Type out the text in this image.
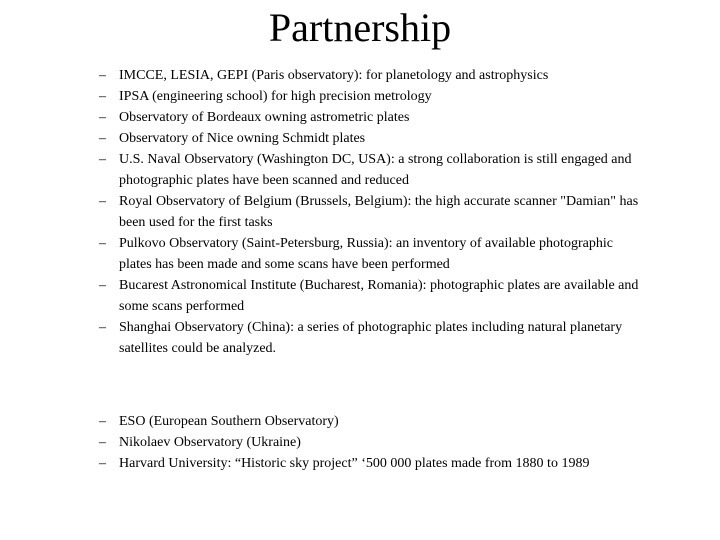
Partnership
– IMCCE, LESIA, GEPI (Paris observatory): for planetology and astrophysics
– IPSA (engineering school) for high precision metrology
– Observatory of Bordeaux owning astrometric plates
– Observatory of Nice owning Schmidt plates
– U.S. Naval Observatory (Washington DC, USA): a strong collaboration is still engaged and photographic plates have been scanned and reduced
– Royal Observatory of Belgium (Brussels, Belgium): the high accurate scanner "Damian" has been used for the first tasks
– Pulkovo Observatory (Saint-Petersburg, Russia): an inventory of available photographic plates has been made and some scans have been performed
– Bucarest Astronomical Institute (Bucharest, Romania): photographic plates are available and some scans performed
– Shanghai Observatory (China): a series of photographic plates including natural planetary satellites could be analyzed.
– ESO (European Southern Observatory)
– Nikolaev Observatory (Ukraine)
– Harvard University: “Historic sky project” ‘500 000 plates made from 1880 to 1989
